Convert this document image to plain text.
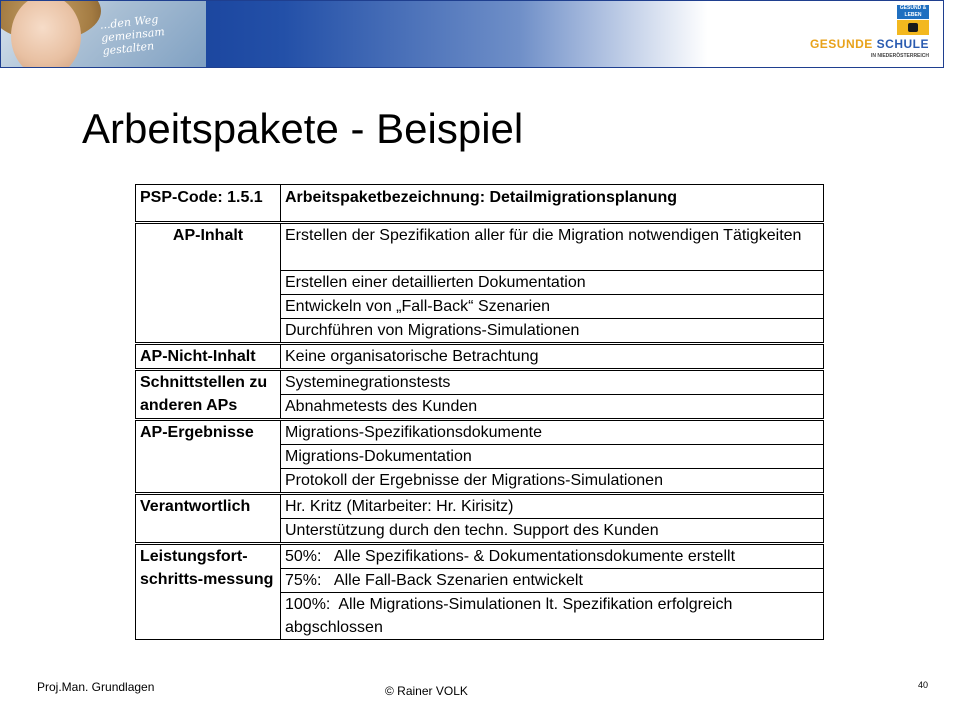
...den Weg gemeinsam gestalten
GESUND & LEBEN
GESUNDE SCHULE
IN NIEDERÖSTERREICH
Arbeitspakete - Beispiel
PSP-Code: 1.5.1	Arbeitspaketbezeichnung: Detailmigrationsplanung
AP-Inhalt	Erstellen der Spezifikation aller für die Migration notwendigen Tätigkeiten
	Erstellen einer detaillierten Dokumentation
	Entwickeln von „Fall-Back“ Szenarien
	Durchführen von Migrations-Simulationen
AP-Nicht-Inhalt	Keine organisatorische Betrachtung
Schnittstellen zu anderen APs	Systeminegrationstests
	Abnahmetests des Kunden
AP-Ergebnisse	Migrations-Spezifikationsdokumente
	Migrations-Dokumentation
	Protokoll der Ergebnisse der Migrations-Simulationen
Verantwortlich	Hr. Kritz (Mitarbeiter: Hr. Kirisitz)
	Unterstützung durch den techn. Support des Kunden
Leistungsfort-schritts-messung	50%:   Alle Spezifikations- & Dokumentationsdokumente erstellt
	75%:   Alle Fall-Back Szenarien entwickelt
	100%:  Alle Migrations-Simulationen lt. Spezifikation erfolgreich abgschlossen
Proj.Man. Grundlagen	© Rainer VOLK	40
